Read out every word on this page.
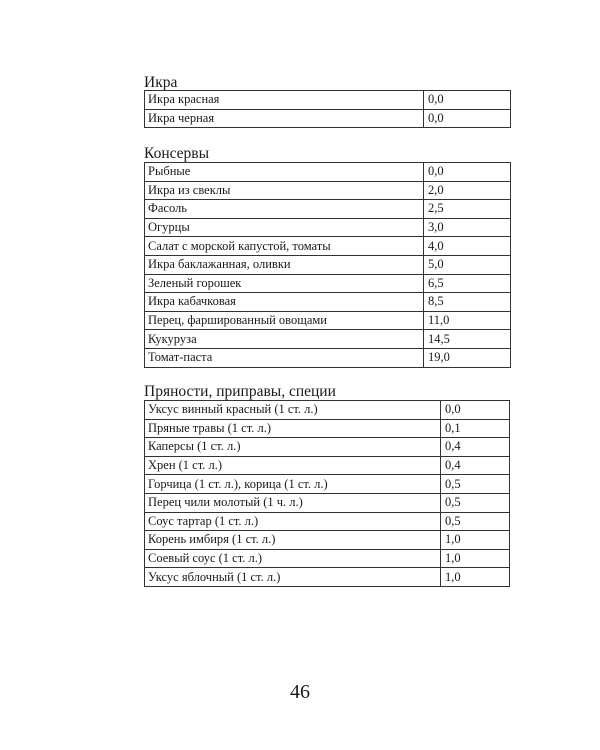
Икра
Икра красная	0,0
Икра черная	0,0
Консервы
Рыбные	0,0
Икра из свеклы	2,0
Фасоль	2,5
Огурцы	3,0
Салат с морской капустой, томаты	4,0
Икра баклажанная, оливки	5,0
Зеленый горошек	6,5
Икра кабачковая	8,5
Перец, фаршированный овощами	11,0
Кукуруза	14,5
Томат-паста	19,0
Пряности, приправы, специи
Уксус винный красный (1 ст. л.)	0,0
Пряные травы (1 ст. л.)	0,1
Каперсы (1 ст. л.)	0,4
Хрен (1 ст. л.)	0,4
Горчица (1 ст. л.), корица (1 ст. л.)	0,5
Перец чили молотый (1 ч. л.)	0,5
Соус тартар (1 ст. л.)	0,5
Корень имбиря (1 ст. л.)	1,0
Соевый соус (1 ст. л.)	1,0
Уксус яблочный (1 ст. л.)	1,0
46
